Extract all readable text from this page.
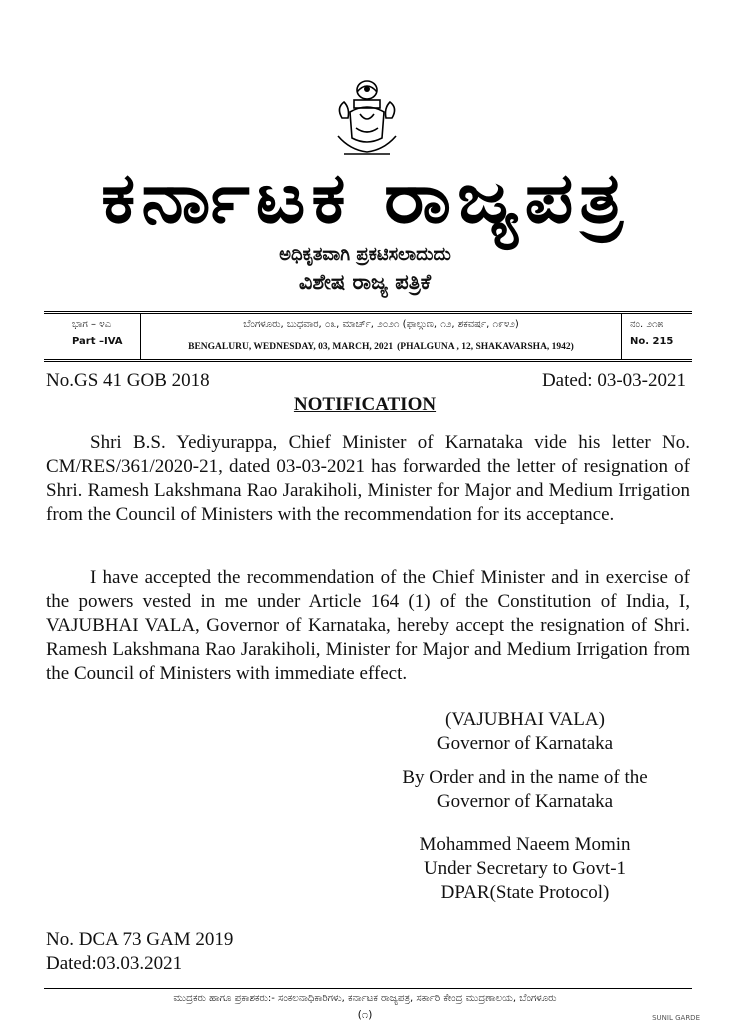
ಕರ್ನಾಟಕ ರಾಜ್ಯಪತ್ರ
ಅಧಿಕೃತವಾಗಿ ಪ್ರಕಟಿಸಲಾದುದು
ವಿಶೇಷ ರಾಜ್ಯ ಪತ್ರಿಕೆ
ಭಾಗ – ೪ಎ
Part –IVA
ಬೆಂಗಳೂರು, ಬುಧವಾರ, ೦೩, ಮಾರ್ಚ್, ೨೦೨೧ (ಫಾಲ್ಗುಣ, ೧೨, ಶಕವರ್ಷ, ೧೯೪೨)
BENGALURU, WEDNESDAY, 03, MARCH, 2021 (PHALGUNA , 12, SHAKAVARSHA, 1942)
ನಂ. ೨೧೫
No. 215
No.GS 41 GOB 2018	Dated: 03-03-2021
NOTIFICATION

Shri B.S. Yediyurappa, Chief Minister of Karnataka vide his letter No. CM/RES/361/2020-21, dated 03-03-2021 has forwarded the letter of resignation of Shri. Ramesh Lakshmana Rao Jarakiholi, Minister for Major and Medium Irrigation from the Council of Ministers with the recommendation for its acceptance.

I have accepted the recommendation of the Chief Minister and in exercise of the powers vested in me under Article 164 (1) of the Constitution of India, I, VAJUBHAI VALA, Governor of Karnataka, hereby accept the resignation of Shri. Ramesh Lakshmana Rao Jarakiholi, Minister for Major and Medium Irrigation from the Council of Ministers with immediate effect.

(VAJUBHAI VALA)
Governor of Karnataka
By Order and in the name of the
Governor of Karnataka
Mohammed Naeem Momin
Under Secretary to Govt-1
DPAR(State Protocol)
No. DCA 73 GAM 2019
Dated:03.03.2021
ಮುದ್ರಕರು ಹಾಗೂ ಪ್ರಕಾಶಕರು:- ಸಂಕಲನಾಧಿಕಾರಿಗಳು, ಕರ್ನಾಟಕ ರಾಜ್ಯಪತ್ರ, ಸರ್ಕಾರಿ ಕೇಂದ್ರ ಮುದ್ರಣಾಲಯ, ಬೆಂಗಳೂರು
(೧)	SUNIL GARDE
